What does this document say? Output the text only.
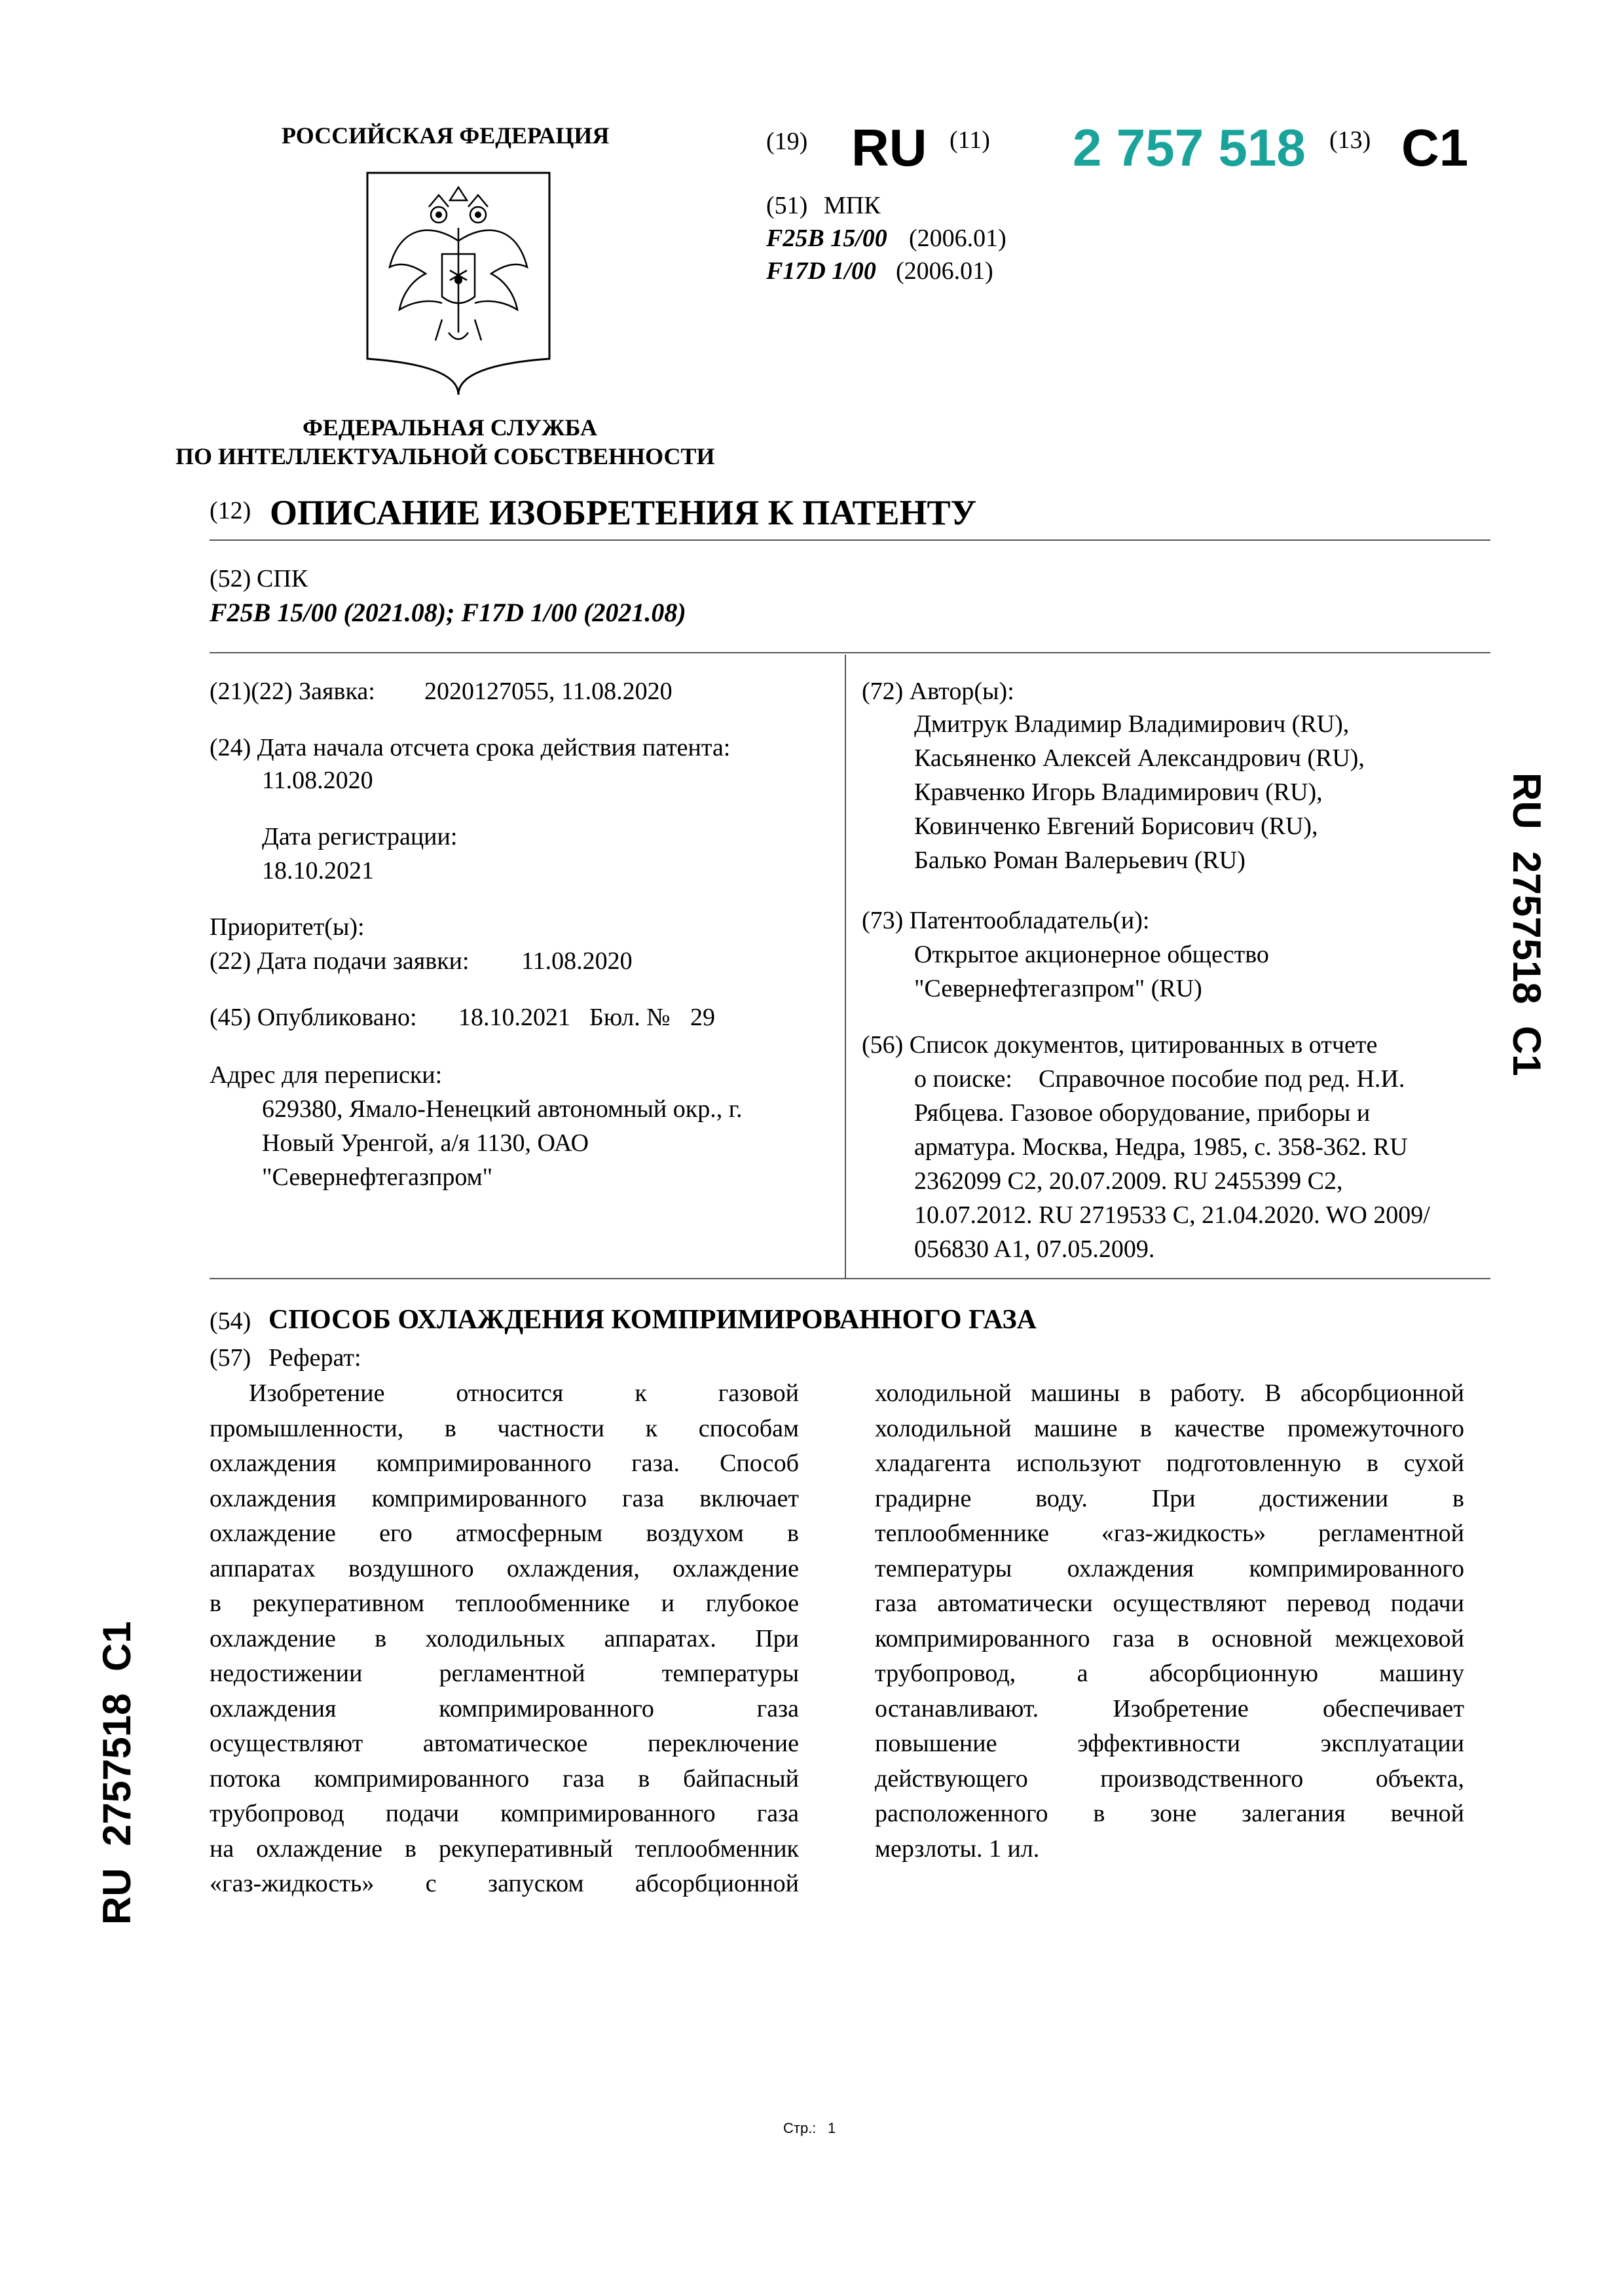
РОССИЙСКАЯ ФЕДЕРАЦИЯ
ФЕДЕРАЛЬНАЯ СЛУЖБА
ПО ИНТЕЛЛЕКТУАЛЬНОЙ СОБСТВЕННОСТИ
(19) RU (11) 2 757 518 (13) C1
(51) МПК
F25B 15/00 (2006.01)
F17D 1/00 (2006.01)
(12) ОПИСАНИЕ ИЗОБРЕТЕНИЯ К ПАТЕНТУ
(52) СПК
F25B 15/00 (2021.08); F17D 1/00 (2021.08)
(21)(22) Заявка: 2020127055, 11.08.2020
(24) Дата начала отсчета срока действия патента:
11.08.2020
Дата регистрации:
18.10.2021
Приоритет(ы):
(22) Дата подачи заявки: 11.08.2020
(45) Опубликовано: 18.10.2021 Бюл. № 29
Адрес для переписки:
629380, Ямало-Ненецкий автономный окр., г.
Новый Уренгой, а/я 1130, ОАО
"Севернефтегазпром"
(72) Автор(ы):
Дмитрук Владимир Владимирович (RU),
Касьяненко Алексей Александрович (RU),
Кравченко Игорь Владимирович (RU),
Ковинченко Евгений Борисович (RU),
Балько Роман Валерьевич (RU)
(73) Патентообладатель(и):
Открытое акционерное общество
"Севернефтегазпром" (RU)
(56) Список документов, цитированных в отчете
о поиске: Справочное пособие под ред. Н.И.
Рябцева. Газовое оборудование, приборы и
арматура. Москва, Недра, 1985, с. 358-362. RU
2362099 C2, 20.07.2009. RU 2455399 C2,
10.07.2012. RU 2719533 C, 21.04.2020. WO 2009/
056830 A1, 07.05.2009.
(54) СПОСОБ ОХЛАЖДЕНИЯ КОМПРИМИРОВАННОГО ГАЗА
(57) Реферат:
Изобретение относится к газовой
промышленности, в частности к способам
охлаждения компримированного газа. Способ
охлаждения компримированного газа включает
охлаждение его атмосферным воздухом в
аппаратах воздушного охлаждения, охлаждение
в рекуперативном теплообменнике и глубокое
охлаждение в холодильных аппаратах. При
недостижении регламентной температуры
охлаждения компримированного газа
осуществляют автоматическое переключение
потока компримированного газа в байпасный
трубопровод подачи компримированного газа
на охлаждение в рекуперативный теплообменник
«газ-жидкость» с запуском абсорбционной
холодильной машины в работу. В абсорбционной
холодильной машине в качестве промежуточного
хладагента используют подготовленную в сухой
градирне воду. При достижении в
теплообменнике «газ-жидкость» регламентной
температуры охлаждения компримированного
газа автоматически осуществляют перевод подачи
компримированного газа в основной межцеховой
трубопровод, а абсорбционную машину
останавливают. Изобретение обеспечивает
повышение эффективности эксплуатации
действующего производственного объекта,
расположенного в зоне залегания вечной
мерзлоты. 1 ил.
RU  2757518  C1
RU  2757518  C1
Стр.: 1
